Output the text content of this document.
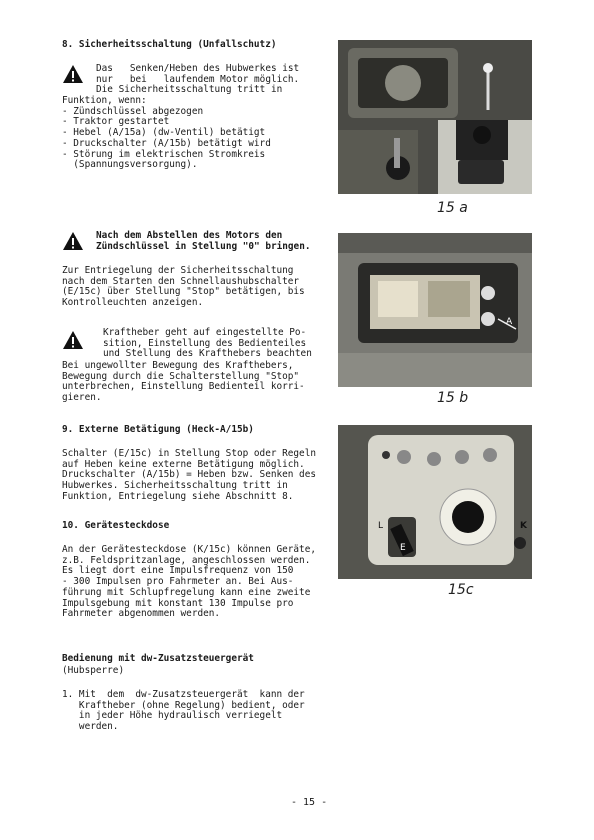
8. Sicherheitsschaltung (Unfallschutz)
Das   Senken/Heben des Hubwerkes ist
nur   bei   laufendem Motor möglich.
Die Sicherheitsschaltung tritt in
Funktion, wenn:
- Zündschlüssel abgezogen
- Traktor gestartet
- Hebel (A/15a) (dw-Ventil) betätigt
- Druckschalter (A/15b) betätigt wird
- Störung im elektrischen Stromkreis
(Spannungsversorgung).
Nach dem Abstellen des Motors den
Zündschlüssel in Stellung "0" bringen.
Zur Entriegelung der Sicherheitsschaltung
nach dem Starten den Schnellaushubschalter
(E/15c) über Stellung "Stop" betätigen, bis
Kontrolleuchten anzeigen.
Kraftheber geht auf eingestellte Po-
sition, Einstellung des Bedienteiles
und Stellung des Krafthebers beachten
Bei ungewollter Bewegung des Krafthebers,
Bewegung durch die Schalterstellung "Stop"
unterbrechen, Einstellung Bedienteil korri-
gieren.
9. Externe Betätigung (Heck-A/15b)
Schalter (E/15c) in Stellung Stop oder Regeln
auf Heben keine externe Betätigung möglich.
Druckschalter (A/15b) = Heben bzw. Senken des
Hubwerkes. Sicherheitsschaltung tritt in
Funktion, Entriegelung siehe Abschnitt 8.
10. Gerätesteckdose
An der Gerätesteckdose (K/15c) können Geräte,
z.B. Feldspritzanlage, angeschlossen werden.
Es liegt dort eine Impulsfrequenz von 150
- 300 Impulsen pro Fahrmeter an. Bei Aus-
führung mit Schlupfregelung kann eine zweite
Impulsgebung mit konstant 130 Impulse pro
Fahrmeter abgenommen werden.
Bedienung mit dw-Zusatzsteuergerät
(Hubsperre)
1. Mit  dem  dw-Zusatzsteuergerät  kann der
Kraftheber (ohne Regelung) bedient, oder
in jeder Höhe hydraulisch verriegelt
werden.
15 a
A
15 b
K
E
L
15c
- 15 -
